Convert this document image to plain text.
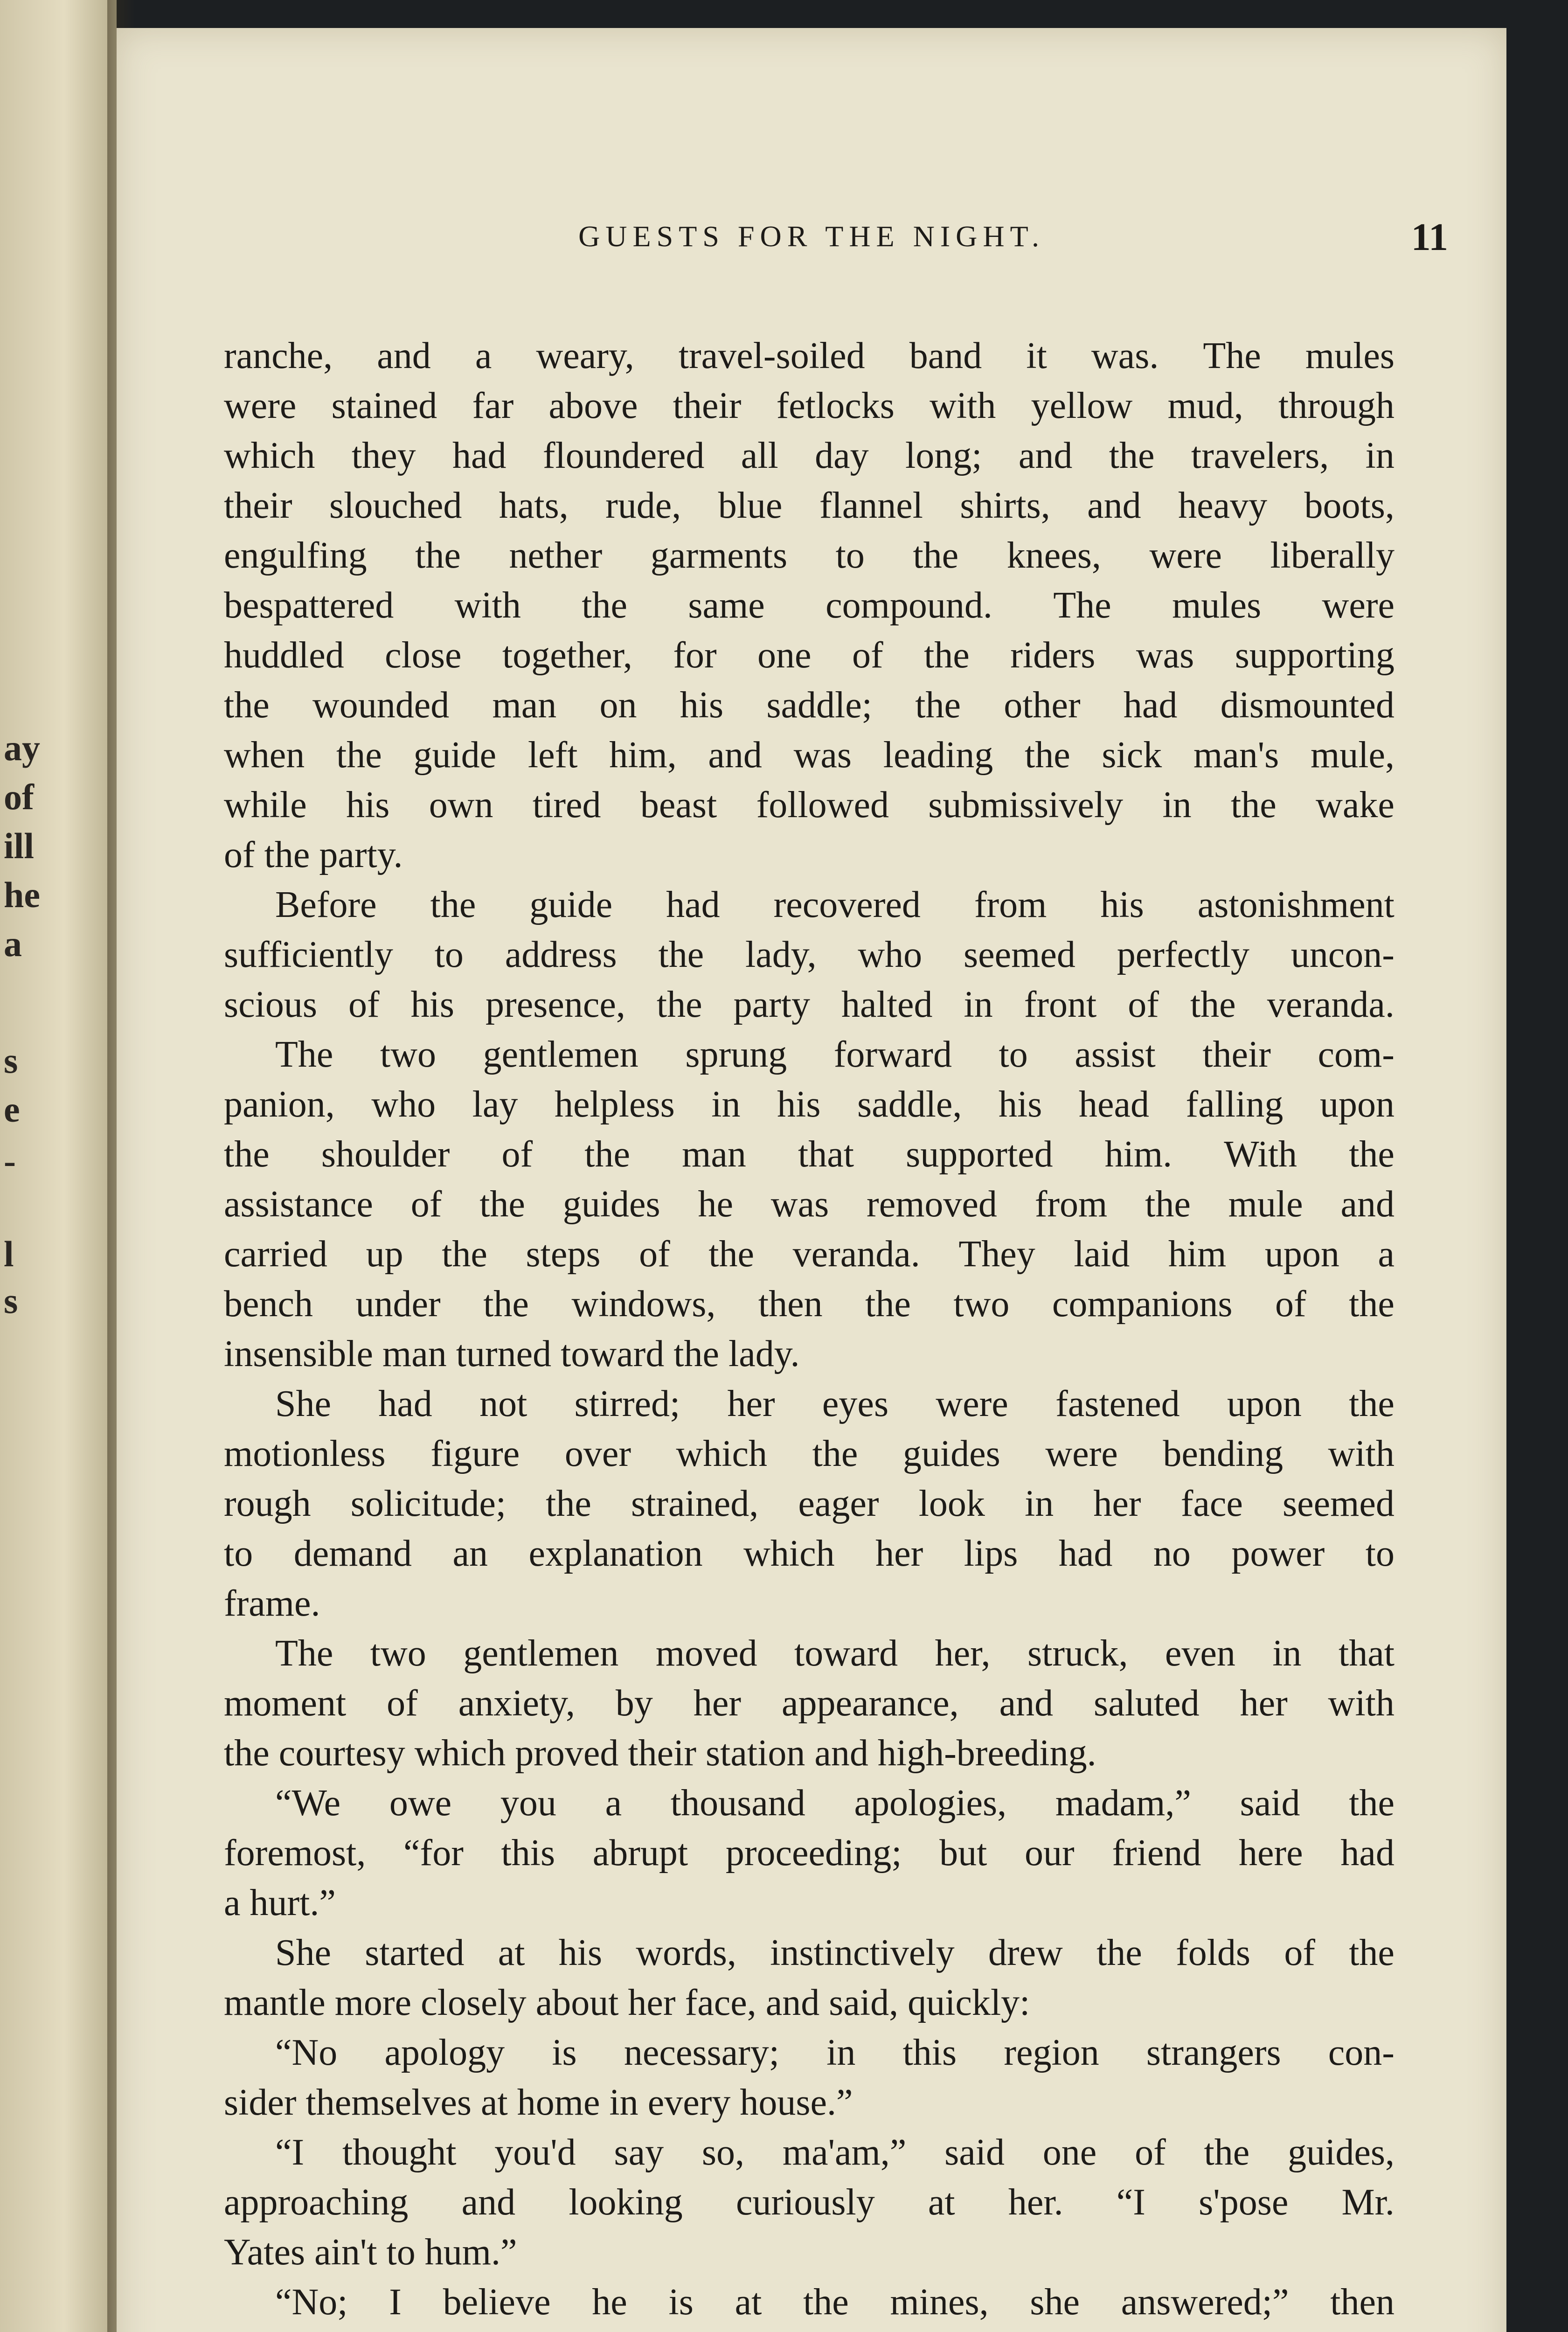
ay
of
ill
he
a
s
e
-
l
s
GUESTS FOR THE NIGHT.	11
ranche, and a weary, travel-soiled band it was. The mules
were stained far above their fetlocks with yellow mud, through
which they had floundered all day long; and the travelers, in
their slouched hats, rude, blue flannel shirts, and heavy boots,
engulfing the nether garments to the knees, were liberally
bespattered with the same compound. The mules were
huddled close together, for one of the riders was supporting
the wounded man on his saddle; the other had dismounted
when the guide left him, and was leading the sick man's mule,
while his own tired beast followed submissively in the wake
of the party.
Before the guide had recovered from his astonishment
sufficiently to address the lady, who seemed perfectly uncon-
scious of his presence, the party halted in front of the veranda.
The two gentlemen sprung forward to assist their com-
panion, who lay helpless in his saddle, his head falling upon
the shoulder of the man that supported him. With the
assistance of the guides he was removed from the mule and
carried up the steps of the veranda. They laid him upon a
bench under the windows, then the two companions of the
insensible man turned toward the lady.
She had not stirred; her eyes were fastened upon the
motionless figure over which the guides were bending with
rough solicitude; the strained, eager look in her face seemed
to demand an explanation which her lips had no power to
frame.
The two gentlemen moved toward her, struck, even in that
moment of anxiety, by her appearance, and saluted her with
the courtesy which proved their station and high-breeding.
“We owe you a thousand apologies, madam,” said the
foremost, “for this abrupt proceeding; but our friend here had
a hurt.”
She started at his words, instinctively drew the folds of the
mantle more closely about her face, and said, quickly:
“No apology is necessary; in this region strangers con-
sider themselves at home in every house.”
“I thought you'd say so, ma'am,” said one of the guides,
approaching and looking curiously at her. “I s'pose Mr.
Yates ain't to hum.”
“No; I believe he is at the mines, she answered;” then
